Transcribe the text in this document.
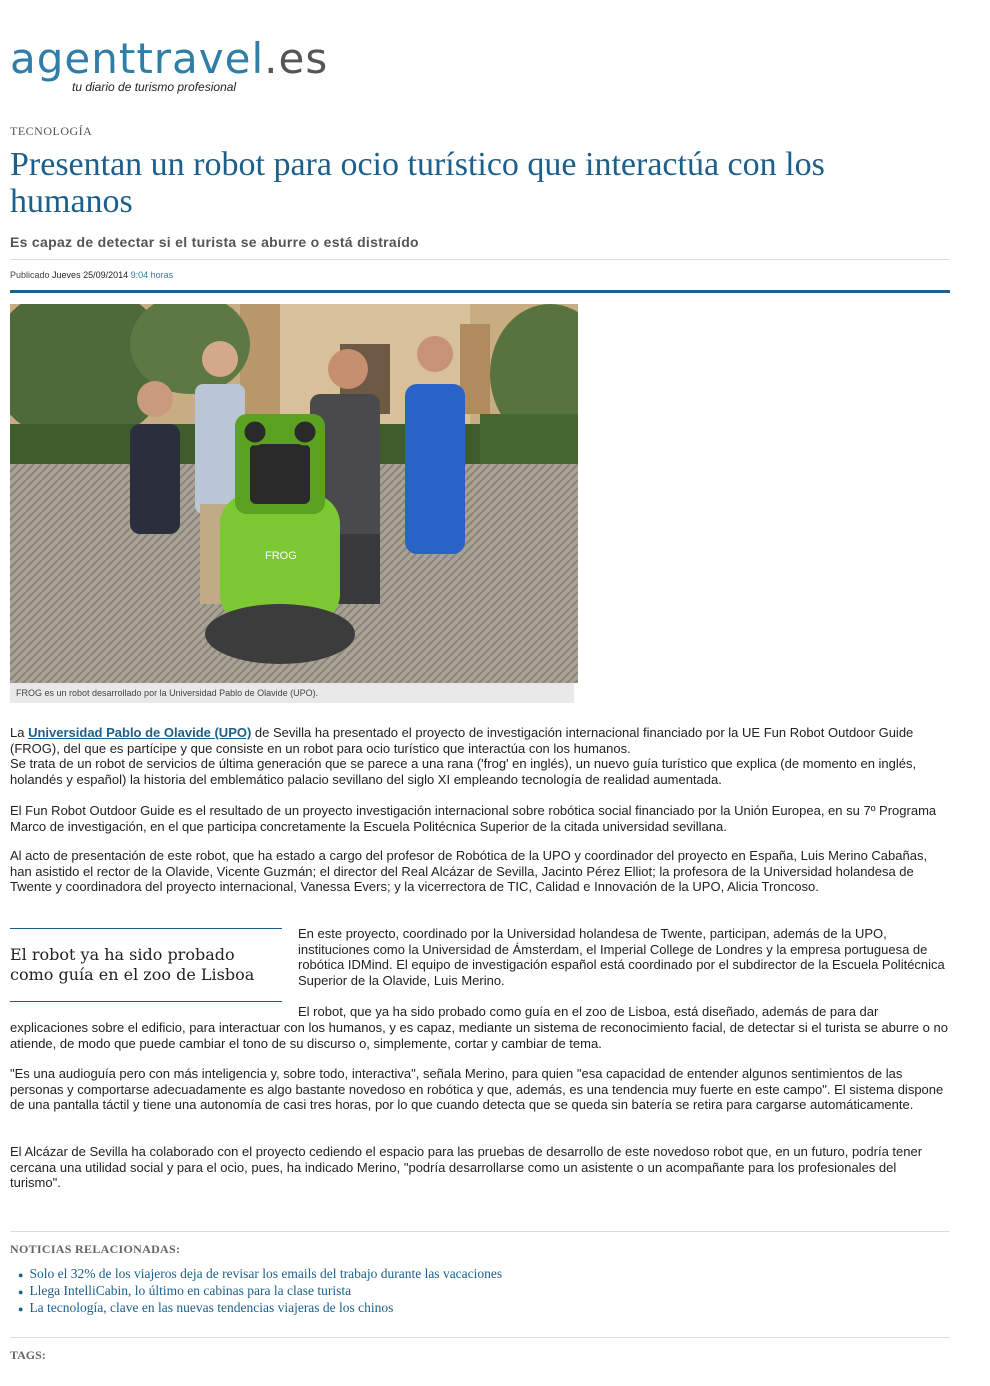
agenttravel.es
tu diario de turismo profesional
TECNOLOGÍA
Presentan un robot para ocio turístico que interactúa con los humanos
Es capaz de detectar si el turista se aburre o está distraído
Publicado Jueves 25/09/2014 9:04 horas
FROG
FROG es un robot desarrollado por la Universidad Pablo de Olavide (UPO).

La Universidad Pablo de Olavide (UPO) de Sevilla ha presentado el proyecto de investigación internacional financiado por la UE Fun Robot Outdoor Guide (FROG), del que es partícipe y que consiste en un robot para ocio turístico que interactúa con los humanos.
Se trata de un robot de servicios de última generación que se parece a una rana ('frog' en inglés), un nuevo guía turístico que explica (de momento en inglés, holandés y español) la historia del emblemático palacio sevillano del siglo XI empleando tecnología de realidad aumentada.

El Fun Robot Outdoor Guide es el resultado de un proyecto investigación internacional sobre robótica social financiado por la Unión Europea, en su 7º Programa Marco de investigación, en el que participa concretamente la Escuela Politécnica Superior de la citada universidad sevillana.

Al acto de presentación de este robot, que ha estado a cargo del profesor de Robótica de la UPO y coordinador del proyecto en España, Luis Merino Cabañas, han asistido el rector de la Olavide, Vicente Guzmán; el director del Real Alcázar de Sevilla, Jacinto Pérez Elliot; la profesora de la Universidad holandesa de Twente y coordinadora del proyecto internacional, Vanessa Evers; y la vicerrectora de TIC, Calidad e Innovación de la UPO, Alicia Troncoso.

El robot ya ha sido probado como guía en el zoo de Lisboa

En este proyecto, coordinado por la Universidad holandesa de Twente, participan, además de la UPO, instituciones como la Universidad de Ámsterdam, el Imperial College de Londres y la empresa portuguesa de robótica IDMind. El equipo de investigación español está coordinado por el subdirector de la Escuela Politécnica Superior de la Olavide, Luis Merino.

El robot, que ya ha sido probado como guía en el zoo de Lisboa, está diseñado, además de para dar

explicaciones sobre el edificio, para interactuar con los humanos, y es capaz, mediante un sistema de reconocimiento facial, de detectar si el turista se aburre o no atiende, de modo que puede cambiar el tono de su discurso o, simplemente, cortar y cambiar de tema.

"Es una audioguía pero con más inteligencia y, sobre todo, interactiva", señala Merino, para quien "esa capacidad de entender algunos sentimientos de las personas y comportarse adecuadamente es algo bastante novedoso en robótica y que, además, es una tendencia muy fuerte en este campo". El sistema dispone de una pantalla táctil y tiene una autonomía de casi tres horas, por lo que cuando detecta que se queda sin batería se retira para cargarse automáticamente.

El Alcázar de Sevilla ha colaborado con el proyecto cediendo el espacio para las pruebas de desarrollo de este novedoso robot que, en un futuro, podría tener cercana una utilidad social y para el ocio, pues, ha indicado Merino, "podría desarrollarse como un asistente o un acompañante para los profesionales del turismo".

NOTICIAS RELACIONADAS:
● Solo el 32% de los viajeros deja de revisar los emails del trabajo durante las vacaciones
● Llega IntelliCabin, lo último en cabinas para la clase turista
● La tecnología, clave en las nuevas tendencias viajeras de los chinos
TAGS:
